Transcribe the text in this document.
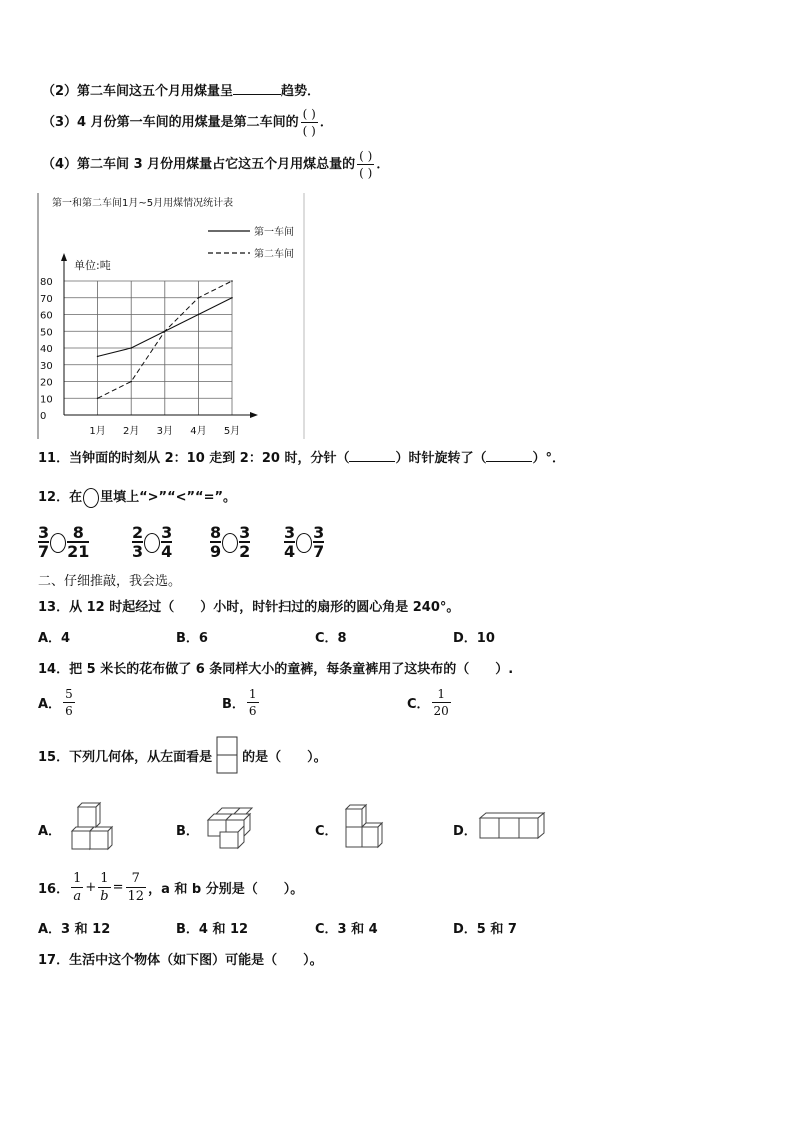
（2）第二车间这五个月用煤量呈	趋势．
（3）4 月份第一车间的用煤量是第二车间的 $\frac{( )}{( )}$ ．
（4）第二车间 3 月份用煤量占它这五个月用煤总量的 $\frac{( )}{( )}$ ．
第一和第二车间1月~5月用煤情况统计表
单位:吨
第一车间
第二车间
0
10
20
30
40
50
60
70
80
1月 2月 3月 4月 5月
11．当钟面的时刻从 2：10 走到 2：20 时，分针（	）时针旋转了（	）°．
12．在 里填上“>”“<”“=”。
$\frac{3}{7} \frac{8}{21}$	$\frac{2}{3} \frac{3}{4} \frac{8}{9} \frac{3}{2} \frac{3}{4} \frac{3}{7}$
二、仔细推敲，我会选。
13．从 12 时起经过（　　）小时，时针扫过的扇形的圆心角是 240°。
A．4	B．6	C．8	D．10
14．把 5 米长的花布做了 6 条同样大小的童裤，每条童裤用了这块布的（　　）.
A． $\frac{5}{6}$	B． $\frac{1}{6}$	C． $\frac{1}{20}$
15．下列几何体，从左面看是 的是（　　）。
A．	B．	C．	D．
16． $\frac{1}{a} + \frac{1}{b} = \frac{7}{12}$ ，a 和 b 分别是（　　）。
A．3 和 12	B．4 和 12	C．3 和 4	D．5 和 7
17．生活中这个物体（如下图）可能是（　　）。
